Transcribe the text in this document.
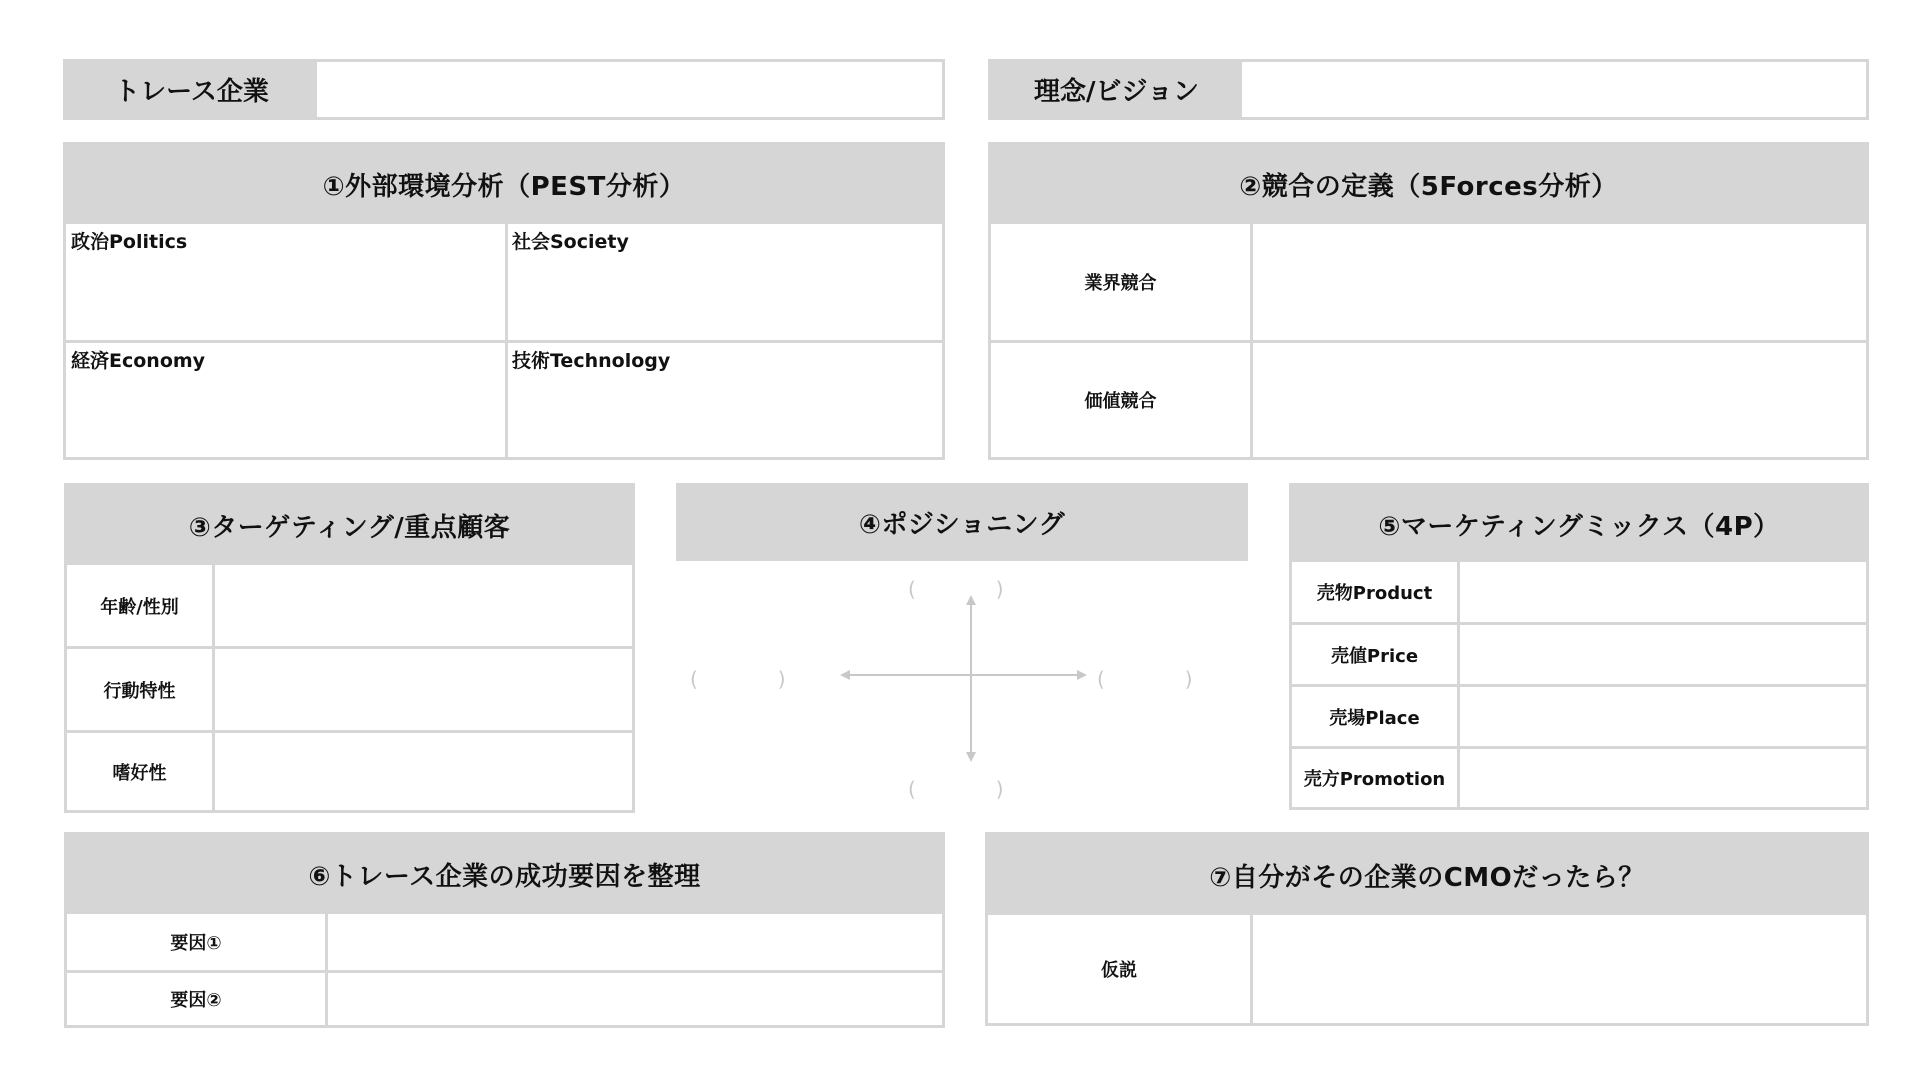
トレース企業	理念/ビジョン
①外部環境分析（PEST分析）
政治Politics	社会Society
経済Economy	技術Technology
②競合の定義（5Forces分析）
業界競合
価値競合
③ターゲティング/重点顧客
年齢/性別
行動特性
嗜好性
④ポジショニング
(　　　　)
(　　　　)
(　　　　)	(　　　　)
⑤マーケティングミックス（4P）
売物Product
売値Price
売場Place
売方Promotion
⑥トレース企業の成功要因を整理
要因①
要因②
⑦自分がその企業のCMOだったら？
仮説
